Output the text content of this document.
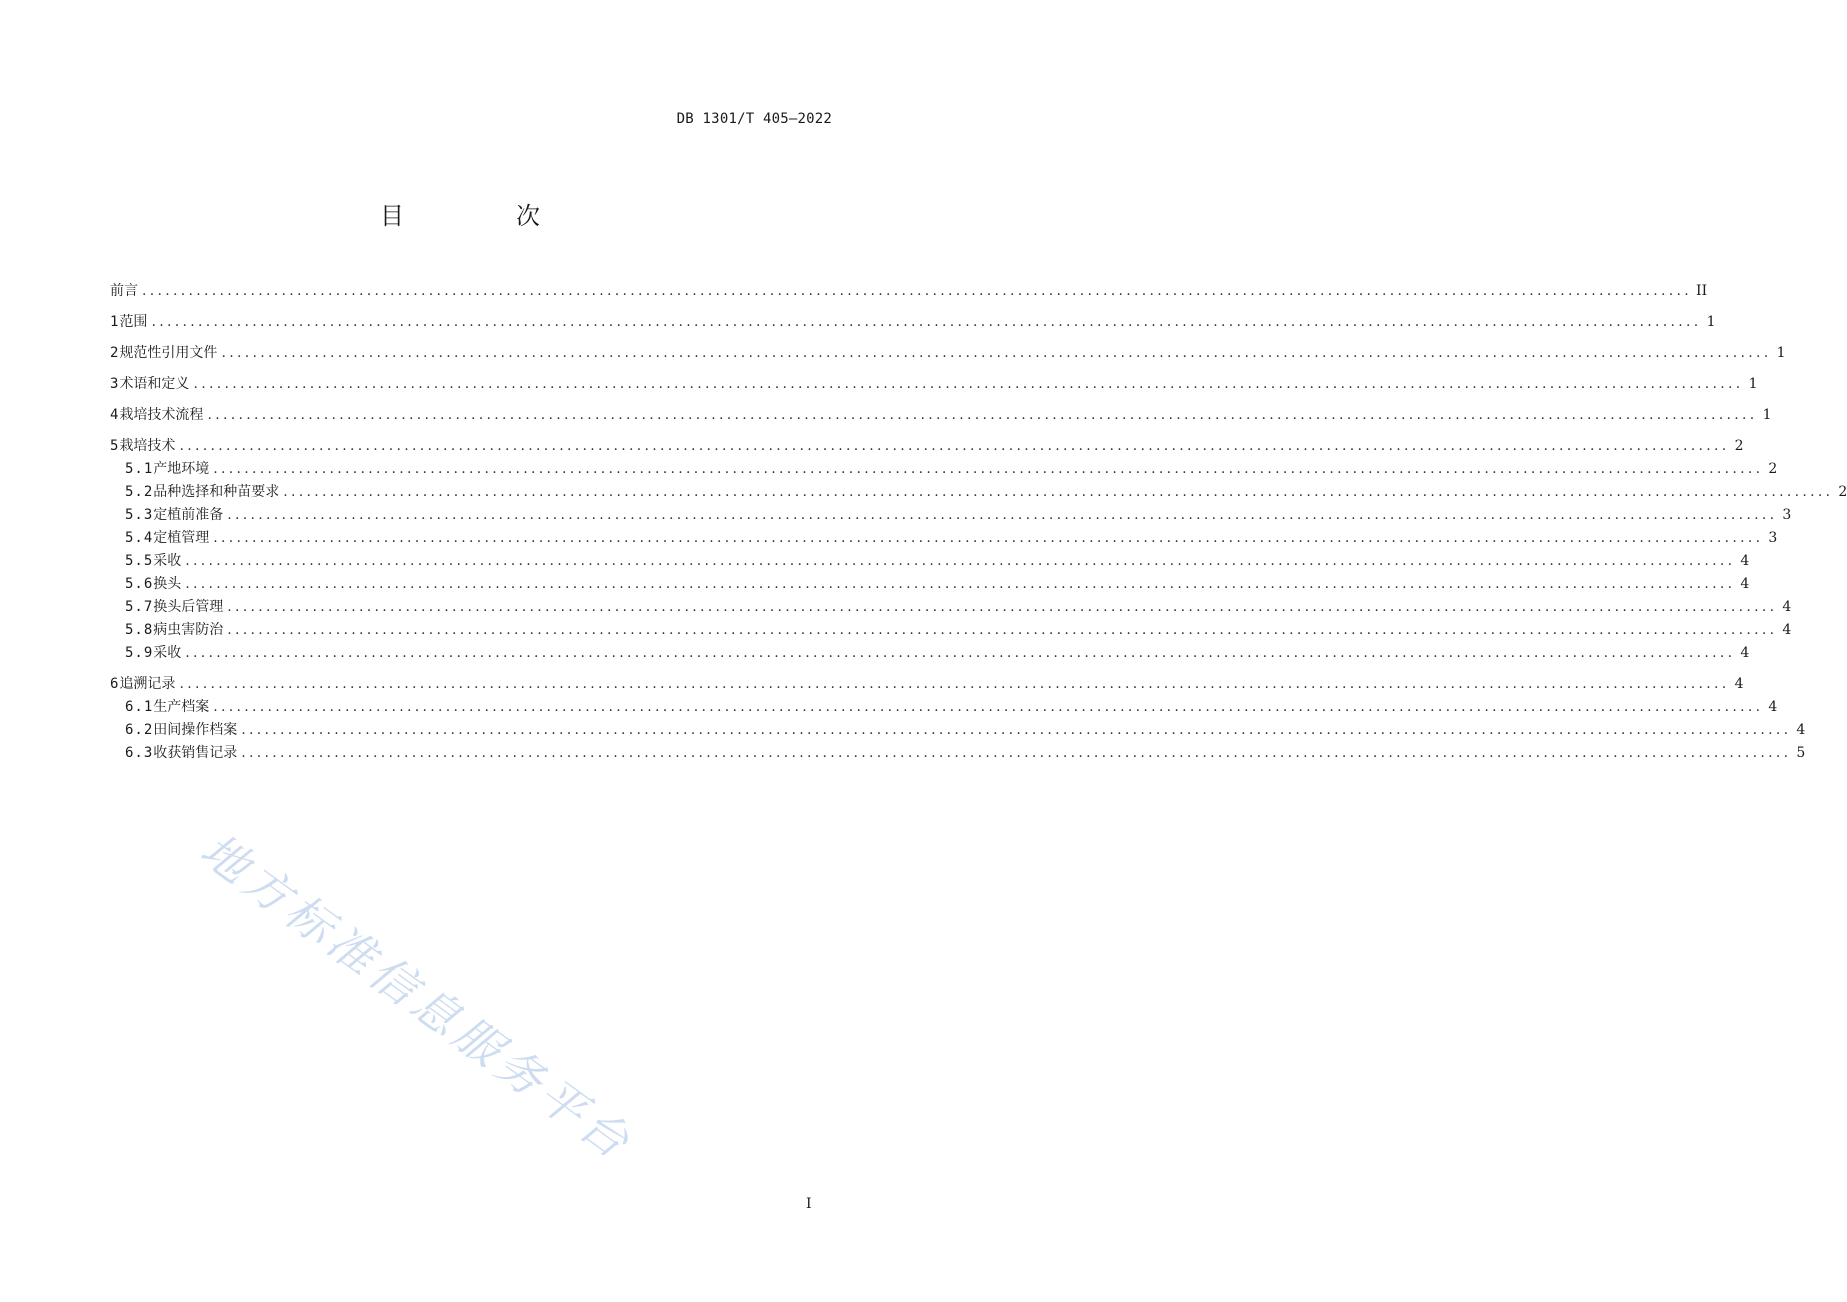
DB 1301/T 405—2022
目　次
前言 ........................................................................................................................................................................................................ II
1 范围 ........................................................................................................................................................................................................ 1
2 规范性引用文件 ........................................................................................................................................................................................................ 1
3 术语和定义 ........................................................................................................................................................................................................ 1
4 栽培技术流程 ........................................................................................................................................................................................................ 1
5 栽培技术 ........................................................................................................................................................................................................ 2
5.1 产地环境 ........................................................................................................................................................................................................ 2
5.2 品种选择和种苗要求 ........................................................................................................................................................................................................ 2
5.3 定植前准备 ........................................................................................................................................................................................................ 3
5.4 定植管理 ........................................................................................................................................................................................................ 3
5.5 采收 ........................................................................................................................................................................................................ 4
5.6 换头 ........................................................................................................................................................................................................ 4
5.7 换头后管理 ........................................................................................................................................................................................................ 4
5.8 病虫害防治 ........................................................................................................................................................................................................ 4
5.9 采收 ........................................................................................................................................................................................................ 4
6 追溯记录 ........................................................................................................................................................................................................ 4
6.1 生产档案 ........................................................................................................................................................................................................ 4
6.2 田间操作档案 ........................................................................................................................................................................................................ 4
6.3 收获销售记录 ........................................................................................................................................................................................................ 5
地方标准信息服务平台
I
